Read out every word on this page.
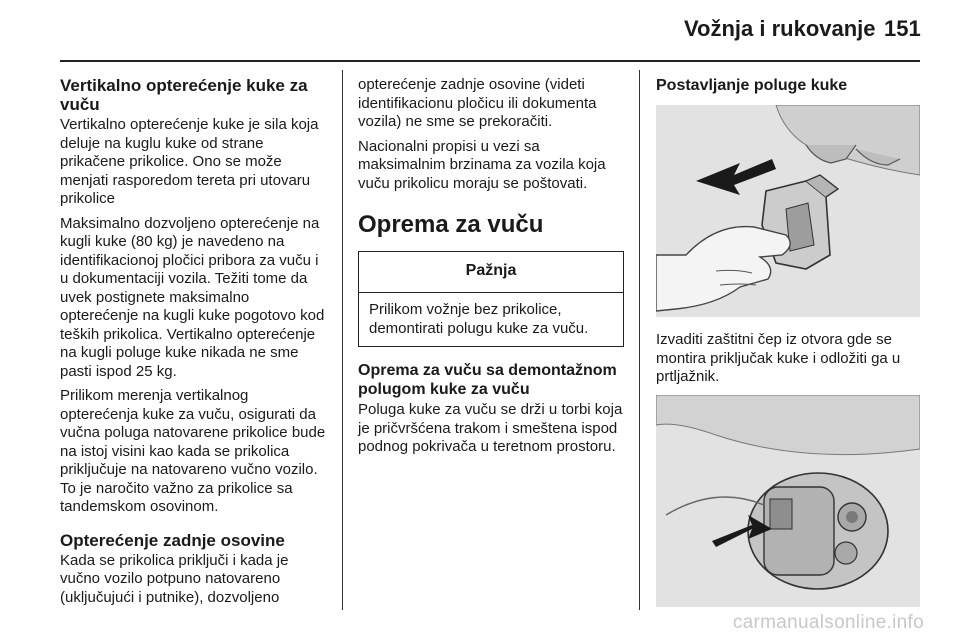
Vožnja i rukovanje 151
Vertikalno opterećenje kuke za vuču

Vertikalno opterećenje kuke je sila koja deluje na kuglu kuke od strane prikačene prikolice. Ono se može menjati rasporedom tereta pri utovaru prikolice

Maksimalno dozvoljeno opterećenje na kugli kuke (80 kg) je navedeno na identifikacionoj pločici pribora za vuču i u dokumentaciji vozila. Težiti tome da uvek postignete maksimalno opterećenje na kugli kuke pogotovo kod teških prikolica. Vertikalno opterećenje na kugli poluge kuke nikada ne sme pasti ispod 25 kg.

Prilikom merenja vertikalnog opterećenja kuke za vuču, osigurati da vučna poluga natovarene prikolice bude na istoj visini kao kada se prikolica priključuje na natovareno vučno vozilo. To je naročito važno za prikolice sa tandemskom osovinom.

Opterećenje zadnje osovine

Kada se prikolica priključi i kada je vučno vozilo potpuno natovareno (uključujući i putnike), dozvoljeno

opterećenje zadnje osovine (videti identifikacionu pločicu ili dokumenta vozila) ne sme se prekoračiti.

Nacionalni propisi u vezi sa maksimalnim brzinama za vozila koja vuču prikolicu moraju se poštovati.

Oprema za vuču
Pažnja
Prilikom vožnje bez prikolice, demontirati polugu kuke za vuču.
Oprema za vuču sa demontažnom polugom kuke za vuču

Poluga kuke za vuču se drži u torbi koja je pričvršćena trakom i smeštena ispod podnog pokrivača u teretnom prostoru.

Postavljanje poluge kuke

Izvaditi zaštitni čep iz otvora gde se montira priključak kuke i odložiti ga u prtljažnik.

carmanualsonline.info
